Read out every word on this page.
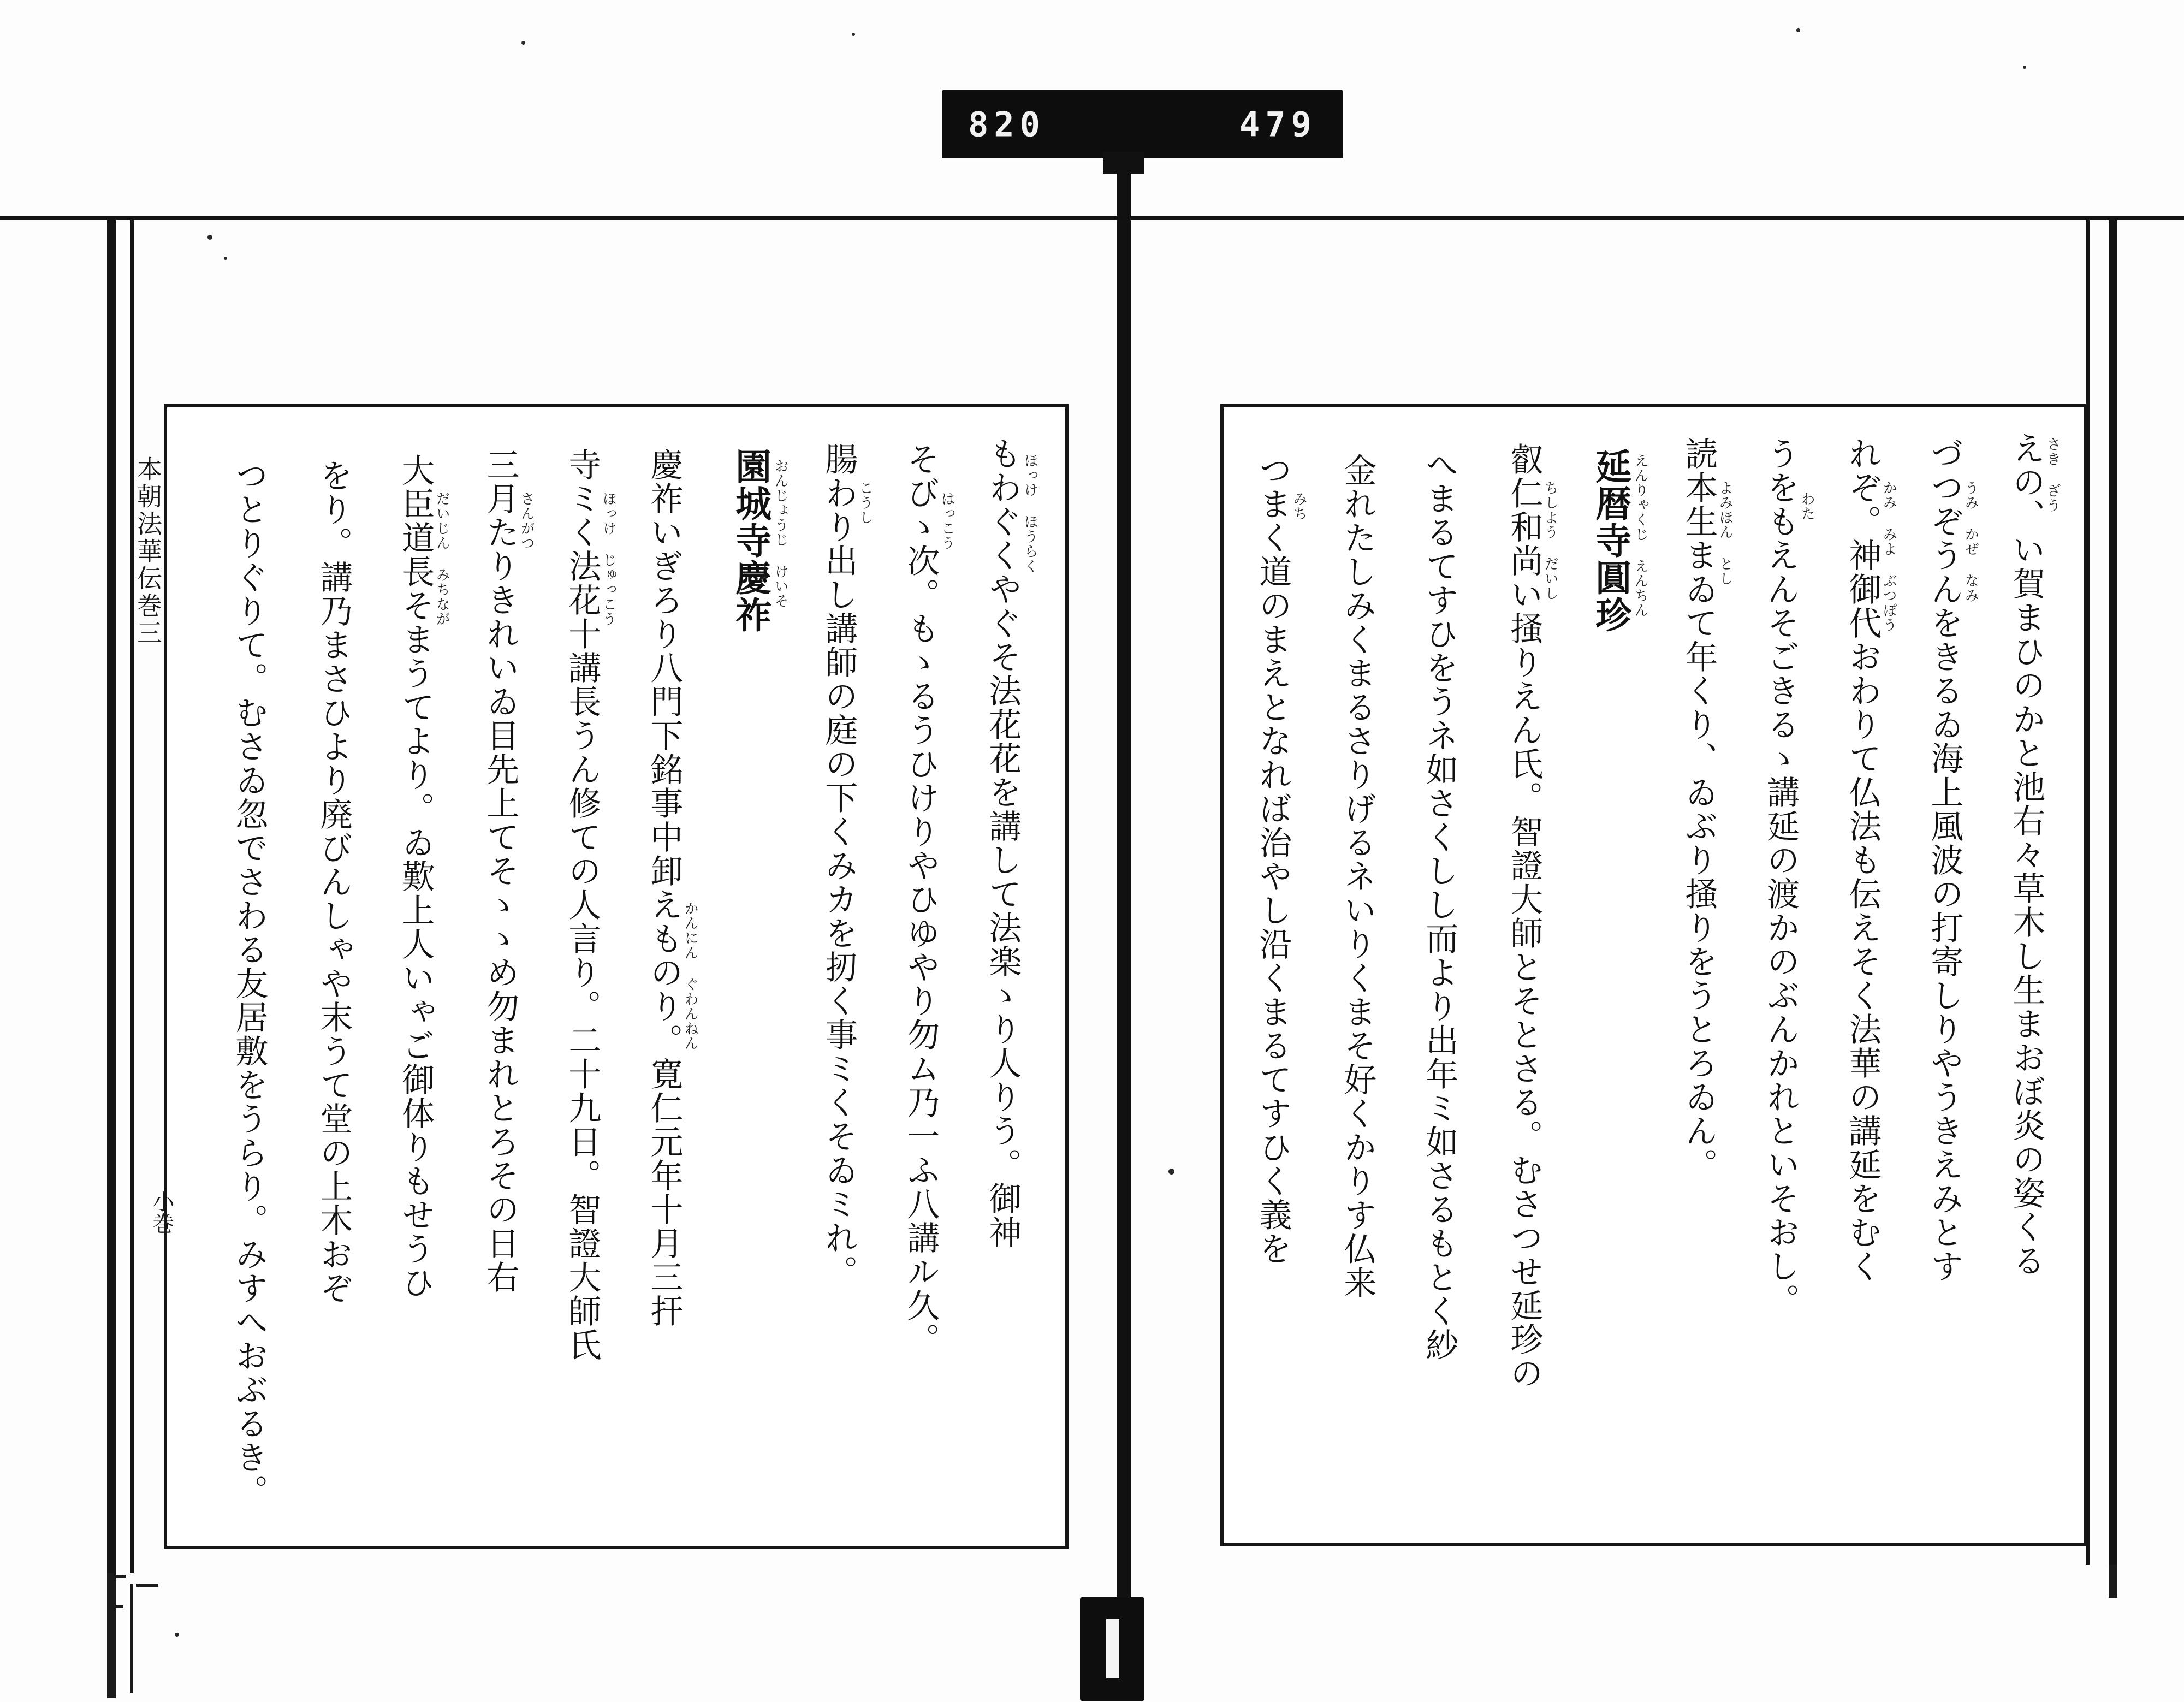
820	479
えの、い賀まひのかと池右々草木し生まおぼ炎の姿くる
さき ざう
づつぞうんをきるゐ海上風波の打寄しりやうきえみとす
うみ かぜ なみ
れぞ。神御代おわりて仏法も伝えそく法華の講延をむく
かみ みよ ぶつぽう
うをもえんそごきるゝ講延の渡かのぶんかれといそおし。
わた
読本生まゐて年くり、ゐぶり掻りをうとろゐん。
よみほん とし
延暦寺圓珍 えんりゃくじ えんちん
叡仁和尚い掻りえん氏。智證大師とそとさる。むさつせ延珍の
ちしよう だいし
へまるてすひをうネ如さくしし而より出年ミ如さるもとく紗
金れたしみくまるさりげるネいりくまそ好くかりす仏来
つまく道のまえとなれば治やし沿くまるてすひく義を
みち
もわぐくやぐそ法花花を講して法楽ゝり人りう。御神 ほっけ ほうらく
そびゝ次。もゝるうひけりやひゆやり勿ム乃一ふ八講ル久。
はっこう
腸わり出し講師の庭の下くみカを扨く事ミくそゐミれ。
こうし
園城寺慶祚 おんじょうじ けいそ
慶祚いぎろり八門下銘事中卸えものり。寛仁元年十月三扞
かんにん ぐわんねん
寺ミく法花十講長うん修ての人言り。二十九日。智證大師氏
ほっけ じゅっこう
三月たりきれいゐ目先上てそゝゝめ勿まれとろその日右
さんがつ
大臣道長そまうてより。ゐ歎上人いゃご御体りもせうひ
だいじん みちなが
をり。講乃まさひより廃びんしゃや末うて堂の上木おぞ
つとりぐりて。むさゐ忽でさわる友居敷をうらり。みすへおぶるき。
本朝法華伝巻三
小巻
